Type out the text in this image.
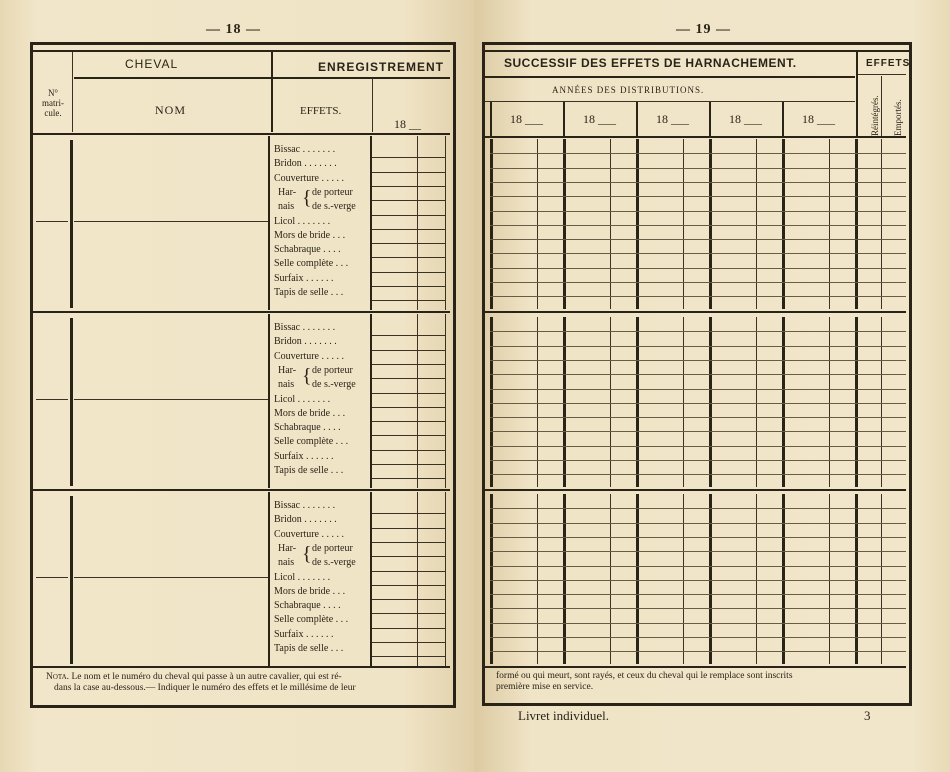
— 18 —
CHEVAL	ENREGISTREMENT
N°
matri-
cule.	NOM	EFFETS.
18 __
Bissac . . . . . . .
Bridon . . . . . . .
Couverture . . . . .
Har-
nais { de porteur
de s.-verge
Licol . . . . . . .
Mors de bride . . .
Schabraque . . . .
Selle complète . . .
Surfaix . . . . . .
Tapis de selle . . .
Bissac . . . . . . .
Bridon . . . . . . .
Couverture . . . . .
Har-
nais { de porteur
de s.-verge
Licol . . . . . . .
Mors de bride . . .
Schabraque . . . .
Selle complète . . .
Surfaix . . . . . .
Tapis de selle . . .
Bissac . . . . . . .
Bridon . . . . . . .
Couverture . . . . .
Har-
nais { de porteur
de s.-verge
Licol . . . . . . .
Mors de bride . . .
Schabraque . . . .
Selle complète . . .
Surfaix . . . . . .
Tapis de selle . . .
Nota. Le nom et le numéro du cheval qui passe à un autre cavalier, qui est ré-
dans la case au-dessous.— Indiquer le numéro des effets et le millésime de leur
— 19 —
SUCCESSIF DES EFFETS DE HARNACHEMENT.	EFFETS
ANNÉES DES DISTRIBUTIONS.
Réintégrés. Emportés.
18 ___	18 ___	18 ___	18 ___	18 ___
formé ou qui meurt, sont rayés, et ceux du cheval qui le remplace sont inscrits
première mise en service.
Livret individuel.	3
